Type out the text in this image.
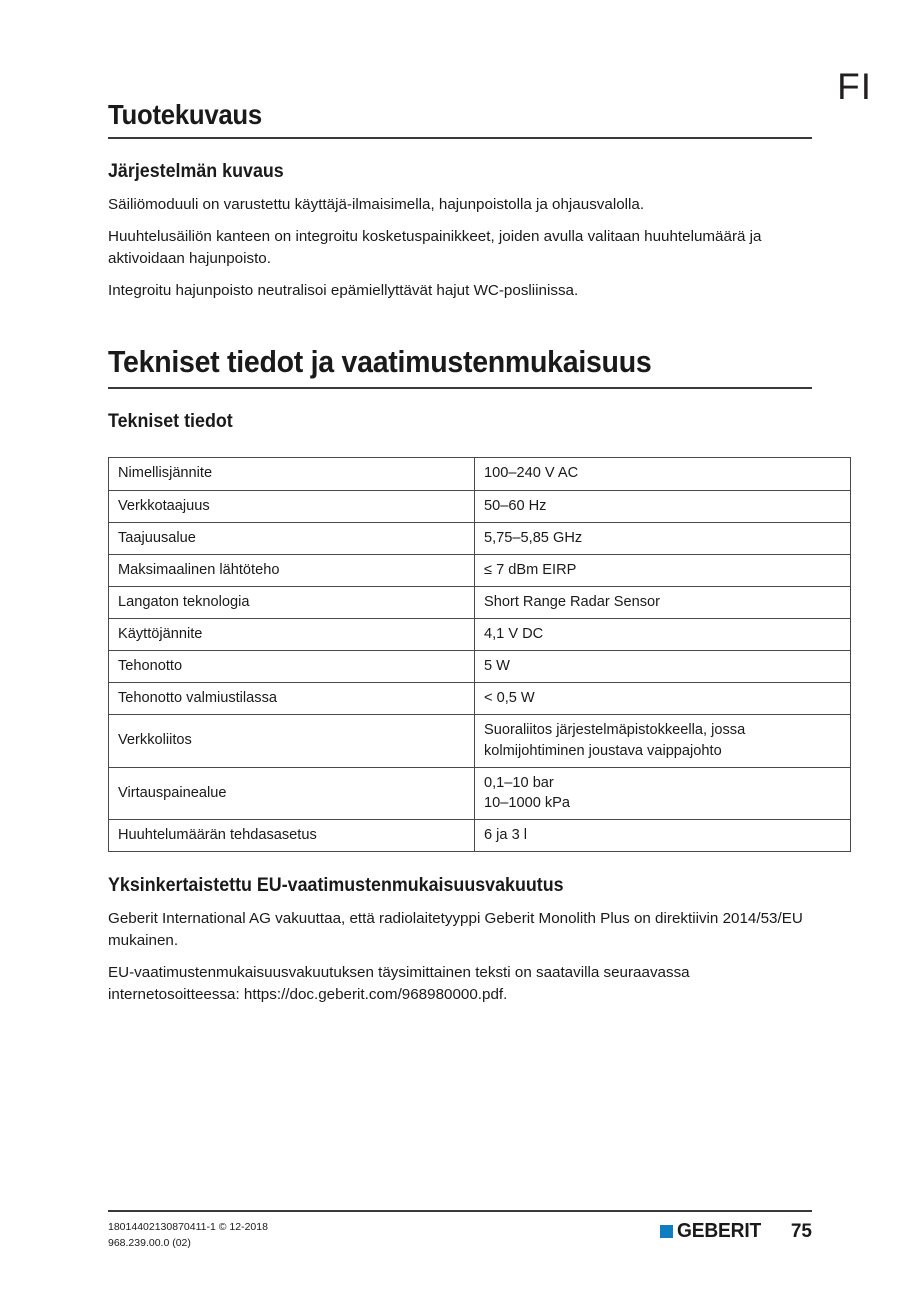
FI
Tuotekuvaus
Järjestelmän kuvaus

Säiliömoduuli on varustettu käyttäjä-ilmaisimella, hajunpoistolla ja ohjausvalolla.

Huuhtelusäiliön kanteen on integroitu kosketuspainikkeet, joiden avulla valitaan huuhtelumäärä ja aktivoidaan hajunpoisto.

Integroitu hajunpoisto neutralisoi epämiellyttävät hajut WC-posliinissa.

Tekniset tiedot ja vaatimustenmukaisuus
Tekniset tiedot
Nimellisjännite	100–240 V AC
Verkkotaajuus	50–60 Hz
Taajuusalue	5,75–5,85 GHz
Maksimaalinen lähtöteho	≤ 7 dBm EIRP
Langaton teknologia	Short Range Radar Sensor
Käyttöjännite	4,1 V DC
Tehonotto	5 W
Tehonotto valmiustilassa	< 0,5 W
Verkkoliitos	Suoraliitos järjestelmäpistokkeella, jossa kolmijohtiminen joustava vaippajohto
Virtauspainealue	0,1–10 bar
10–1000 kPa

Huuhtelumäärän tehdasasetus	6 ja 3 l
Yksinkertaistettu EU-vaatimustenmukaisuusvakuutus

Geberit International AG vakuuttaa, että radiolaitetyyppi Geberit Monolith Plus on direktiivin 2014/53/EU mukainen.

EU-vaatimustenmukaisuusvakuutuksen täysimittainen teksti on saatavilla seuraavassa internetosoitteessa: https://doc.geberit.com/968980000.pdf.

18014402130870411-1 © 12-2018
968.239.00.0 (02)
GEBERIT 75
